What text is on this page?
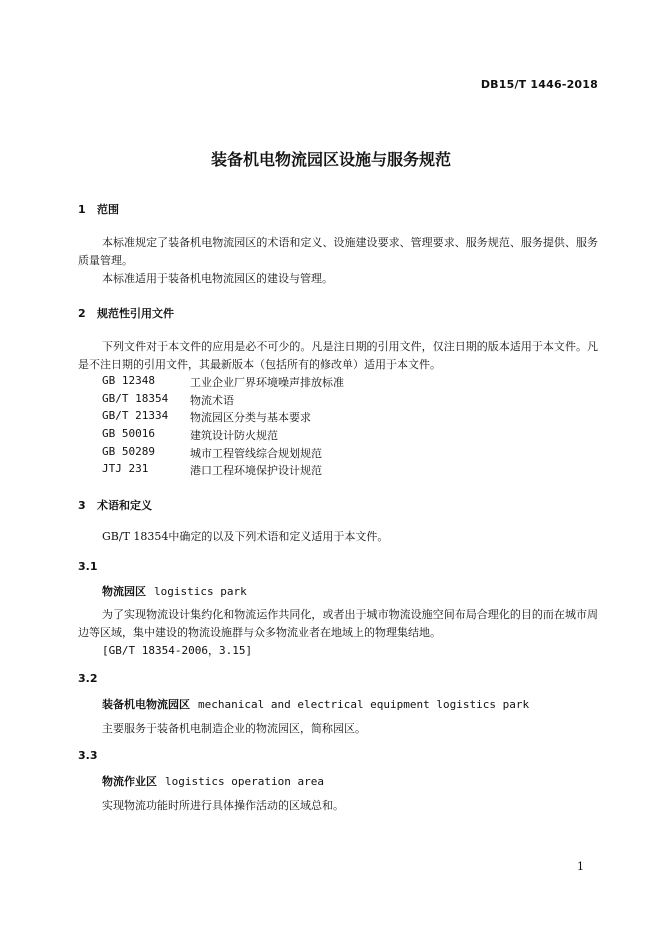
DB15/T 1446-2018
装备机电物流园区设施与服务规范
1 范围
本标准规定了装备机电物流园区的术语和定义、设施建设要求、管理要求、服务规范、服务提供、服务质量管理。
本标准适用于装备机电物流园区的建设与管理。
2 规范性引用文件
下列文件对于本文件的应用是必不可少的。凡是注日期的引用文件，仅注日期的版本适用于本文件。凡是不注日期的引用文件，其最新版本（包括所有的修改单）适用于本文件。
GB 12348	工业企业厂界环境噪声排放标准
GB/T 18354 物流术语
GB/T 21334 物流园区分类与基本要求
GB 50016	建筑设计防火规范
GB 50289	城市工程管线综合规划规范
JTJ 231	港口工程环境保护设计规范
3 术语和定义
GB/T 18354中确定的以及下列术语和定义适用于本文件。
3.1
物流园区 logistics park
为了实现物流设计集约化和物流运作共同化，或者出于城市物流设施空间布局合理化的目的而在城市周边等区域，集中建设的物流设施群与众多物流业者在地域上的物理集结地。
[GB/T 18354-2006，3.15]
3.2
装备机电物流园区 mechanical and electrical equipment logistics park
主要服务于装备机电制造企业的物流园区，简称园区。
3.3
物流作业区 logistics operation area
实现物流功能时所进行具体操作活动的区域总和。
1
